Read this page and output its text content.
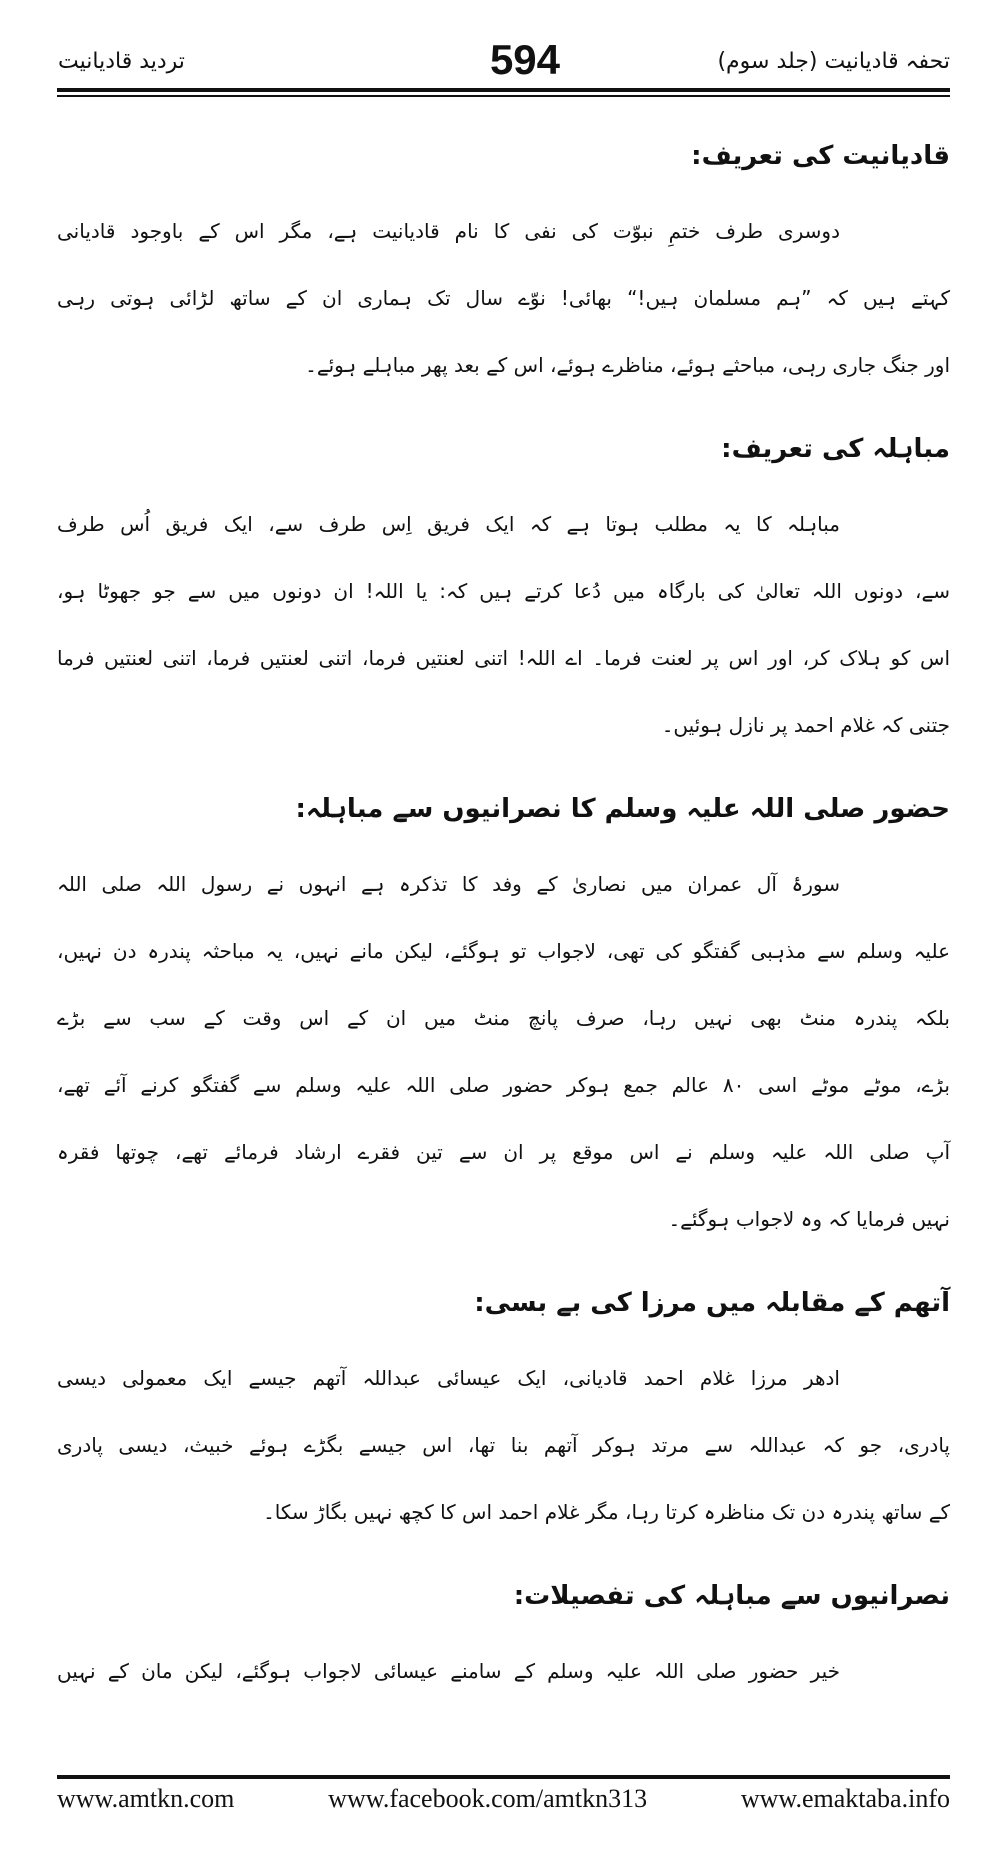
تحفہ قادیانیت (جلد سوم)
594
تردید قادیانیت
قادیانیت کی تعریف:
دوسری طرف ختمِ نبوّت کی نفی کا نام قادیانیت ہے، مگر اس کے باوجود قادیانی
کہتے ہیں کہ ”ہم مسلمان ہیں!“ بھائی! نوّے سال تک ہماری ان کے ساتھ لڑائی ہوتی رہی
اور جنگ جاری رہی، مباحثے ہوئے، مناظرے ہوئے، اس کے بعد پھر مباہلے ہوئے۔
مباہلہ کی تعریف:
مباہلہ کا یہ مطلب ہوتا ہے کہ ایک فریق اِس طرف سے، ایک فریق اُس طرف
سے، دونوں اللہ تعالیٰ کی بارگاہ میں دُعا کرتے ہیں کہ: یا اللہ! ان دونوں میں سے جو جھوٹا ہو،
اس کو ہلاک کر، اور اس پر لعنت فرما۔ اے اللہ! اتنی لعنتیں فرما، اتنی لعنتیں فرما، اتنی لعنتیں فرما
جتنی کہ غلام احمد پر نازل ہوئیں۔
حضور صلی اللہ علیہ وسلم کا نصرانیوں سے مباہلہ:
سورۂ آل عمران میں نصاریٰ کے وفد کا تذکرہ ہے انہوں نے رسول اللہ صلی اللہ
علیہ وسلم سے مذہبی گفتگو کی تھی، لاجواب تو ہوگئے، لیکن مانے نہیں، یہ مباحثہ پندرہ دن نہیں،
بلکہ پندرہ منٹ بھی نہیں رہا، صرف پانچ منٹ میں ان کے اس وقت کے سب سے بڑے
بڑے، موٹے موٹے اسی ۸۰ عالم جمع ہوکر حضور صلی اللہ علیہ وسلم سے گفتگو کرنے آئے تھے،
آپ صلی اللہ علیہ وسلم نے اس موقع پر ان سے تین فقرے ارشاد فرمائے تھے، چوتھا فقرہ
نہیں فرمایا کہ وہ لاجواب ہوگئے۔
آتھم کے مقابلہ میں مرزا کی بے بسی:
ادھر مرزا غلام احمد قادیانی، ایک عیسائی عبداللہ آتھم جیسے ایک معمولی دیسی
پادری، جو کہ عبداللہ سے مرتد ہوکر آتھم بنا تھا، اس جیسے بگڑے ہوئے خبیث، دیسی پادری
کے ساتھ پندرہ دن تک مناظرہ کرتا رہا، مگر غلام احمد اس کا کچھ نہیں بگاڑ سکا۔
نصرانیوں سے مباہلہ کی تفصیلات:
خیر حضور صلی اللہ علیہ وسلم کے سامنے عیسائی لاجواب ہوگئے، لیکن مان کے نہیں
www.amtkn.com	www.facebook.com/amtkn313	www.emaktaba.info
